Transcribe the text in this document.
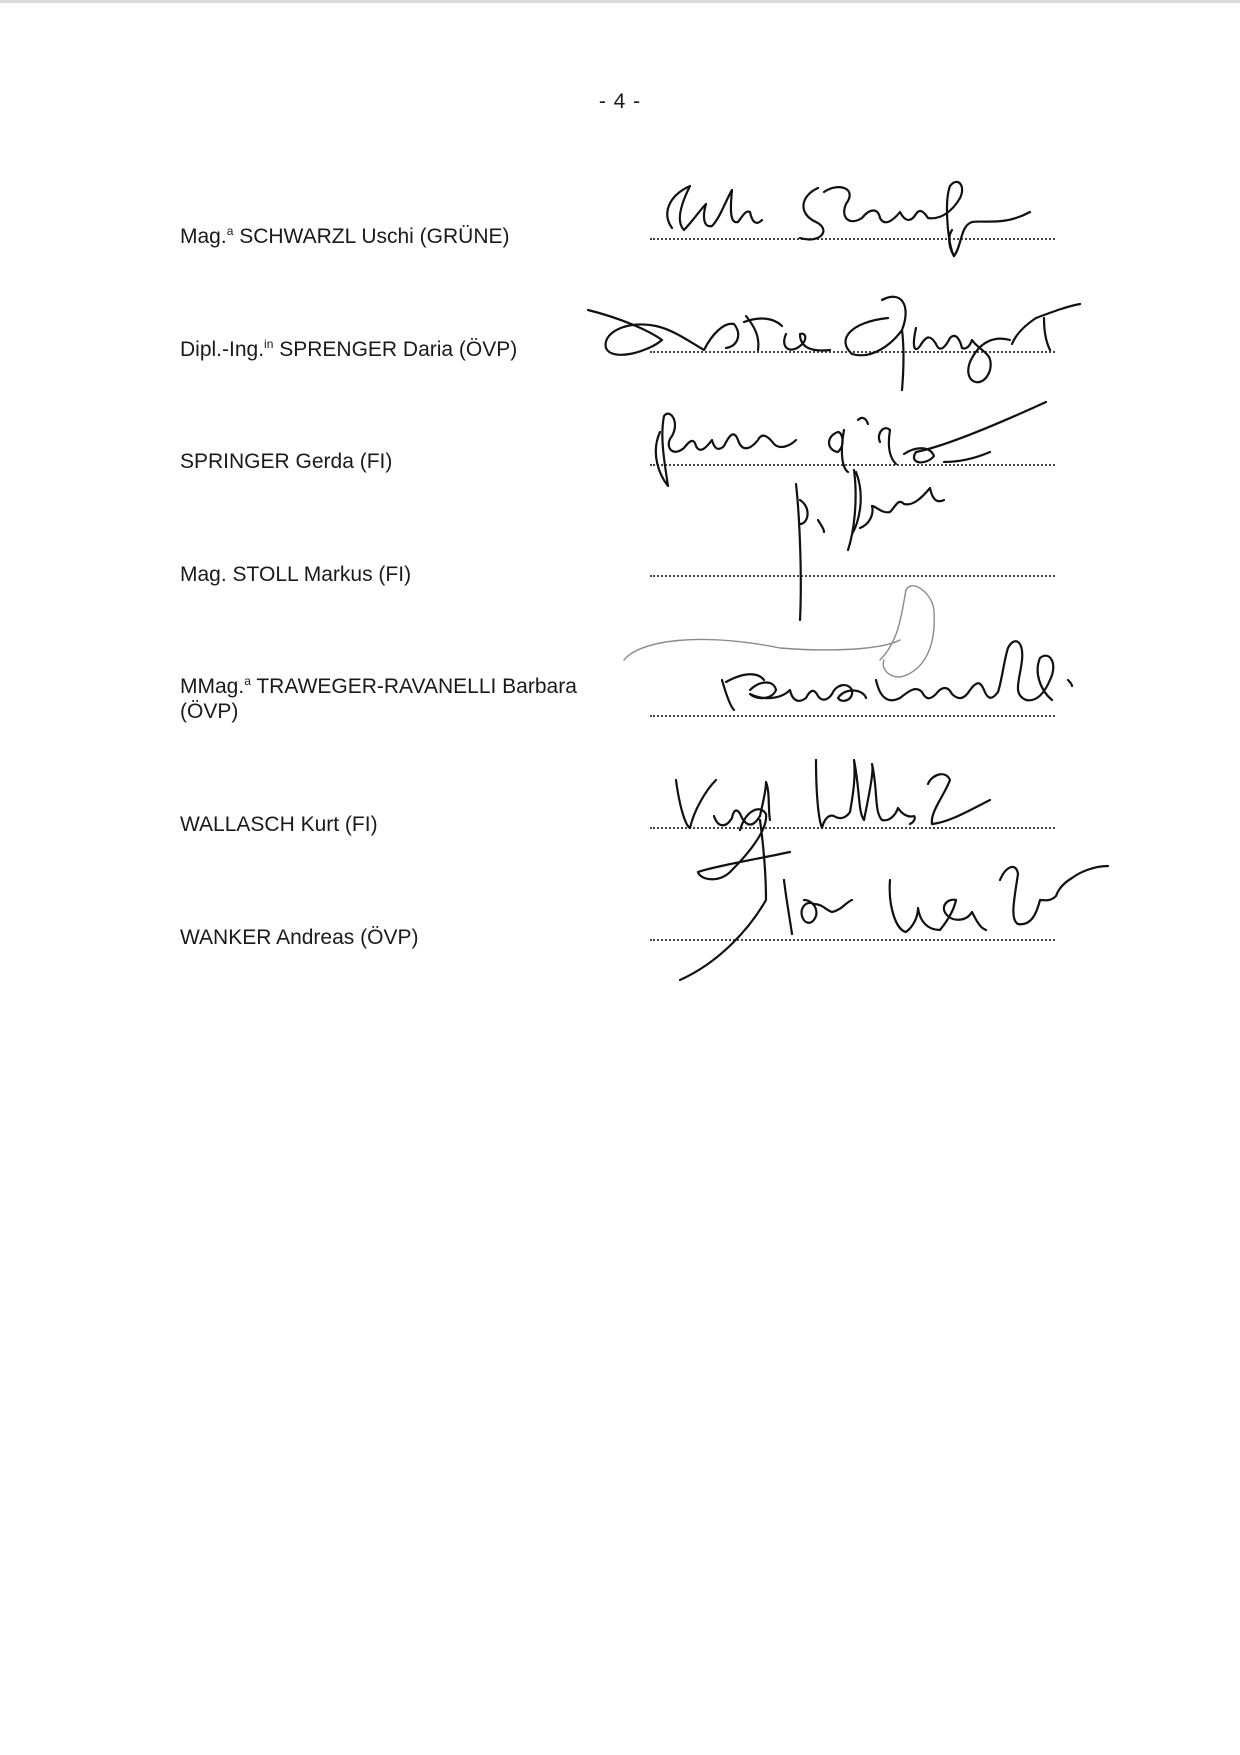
- 4 -
Mag.$^a$ SCHWARZL Uschi (GRÜNE)
Dipl.-Ing.$^{in}$ SPRENGER Daria (ÖVP)
SPRINGER Gerda (FI)
Mag. STOLL Markus (FI)
MMag.$^a$ TRAWEGER-RAVANELLI Barbara
(ÖVP)
WALLASCH Kurt (FI)
WANKER Andreas (ÖVP)
